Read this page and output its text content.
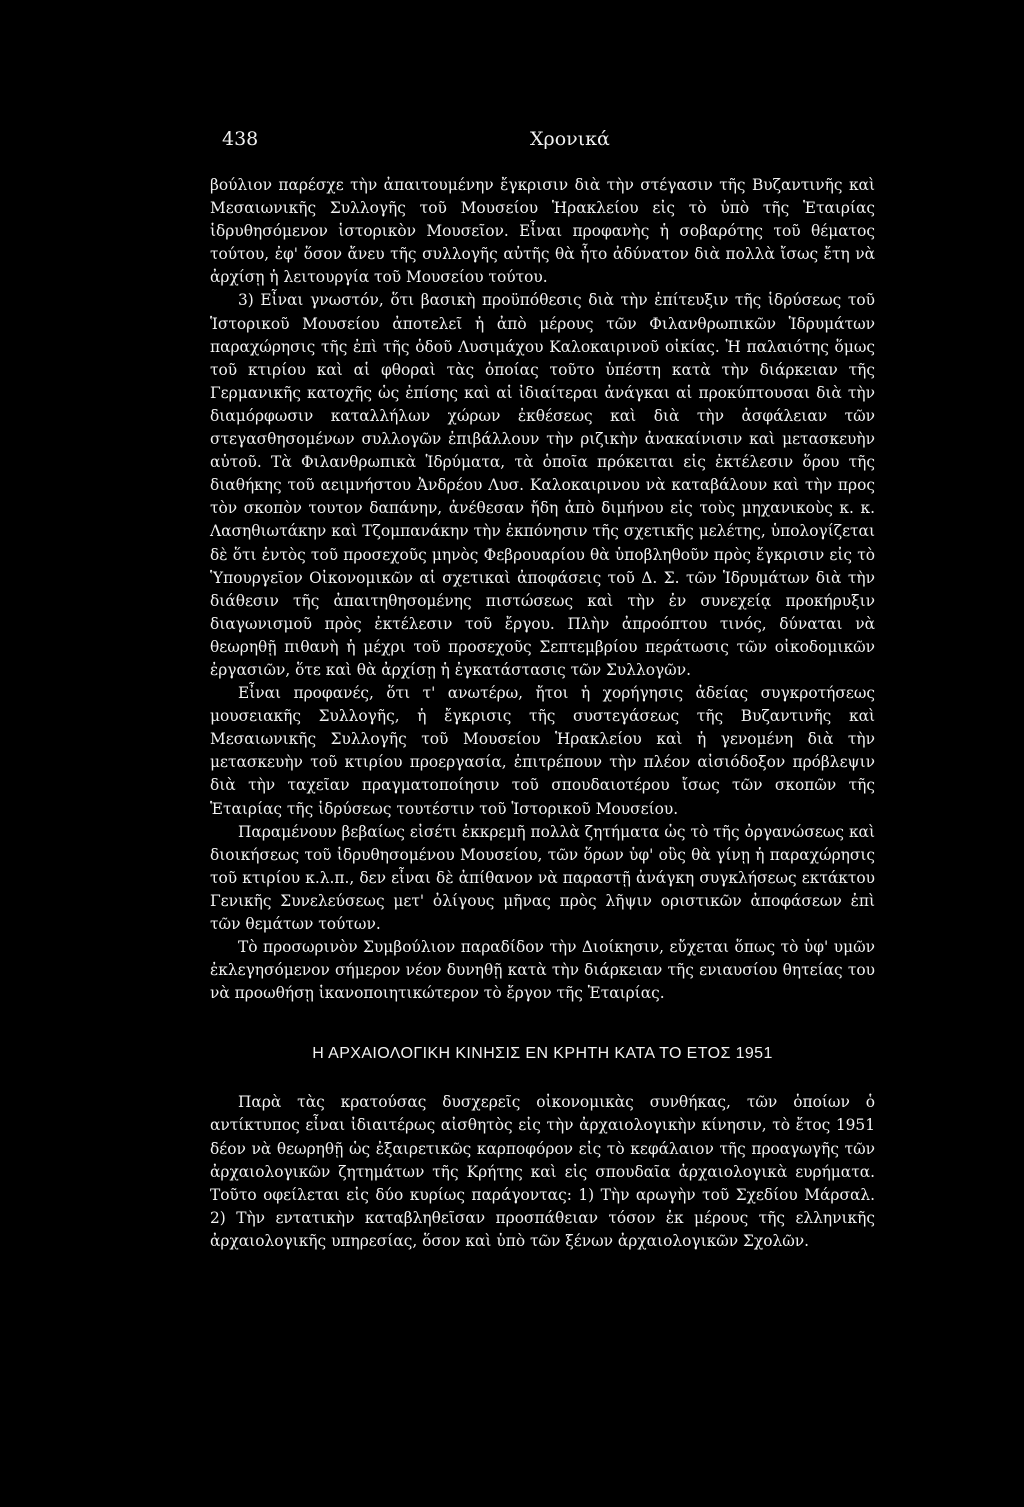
438	Χρονικά

βούλιον παρέσχε τὴν ἀπαιτουμένην ἔγκρισιν διὰ τὴν στέγασιν τῆς Βυζαντινῆς καὶ Μεσαιωνικῆς Συλλογῆς τοῦ Μουσείου Ἡρακλείου εἰς τὸ ὑπὸ τῆς Ἑταιρίας ἱδρυθησόμενον ἱστορικὸν Μουσεῖον. Εἶναι προφανὴς ἡ σοβαρότης τοῦ θέματος τούτου, ἐφ' ὅσον ἄνευ τῆς συλλογῆς αὐτῆς θὰ ἦτο ἀδύνατον διὰ πολλὰ ἴσως ἔτη νὰ ἀρχίσῃ ἡ λειτουργία τοῦ Μουσείου τούτου.

3) Εἶναι γνωστόν, ὅτι βασικὴ προϋπόθεσις διὰ τὴν ἐπίτευξιν τῆς ἱδρύσεως τοῦ Ἱστορικοῦ Μουσείου ἀποτελεῖ ἡ ἀπὸ μέρους τῶν Φιλανθρωπικῶν Ἱδρυμάτων παραχώρησις τῆς ἐπὶ τῆς ὁδοῦ Λυσιμάχου Καλοκαιρινοῦ οἰκίας. Ἡ παλαιότης ὅμως τοῦ κτιρίου καὶ αἱ φθοραὶ τὰς ὁποίας τοῦτο ὑπέστη κατὰ τὴν διάρκειαν τῆς Γερμανικῆς κατοχῆς ὡς ἐπίσης καὶ αἱ ἰδιαίτεραι ἀνάγκαι αἱ προκύπτουσαι διὰ τὴν διαμόρφωσιν καταλλήλων χώρων ἐκθέσεως καὶ διὰ τὴν ἀσφάλειαν τῶν στεγασθησομένων συλλογῶν ἐπιβάλλουν τὴν ριζικὴν ἀνακαίνισιν καὶ μετασκευὴν αὐτοῦ. Τὰ Φιλανθρωπικὰ Ἱδρύματα, τὰ ὁποῖα πρόκειται εἰς ἐκτέλεσιν ὅρου τῆς διαθήκης τοῦ αειμνήστου Ἀνδρέου Λυσ. Καλοκαιρινου νὰ καταβάλουν καὶ τὴν προς τὸν σκοπὸν τουτον δαπάνην, ἀνέθεσαν ἤδη ἀπὸ διμήνου εἰς τοὺς μηχανικοὺς κ. κ. Λασηθιωτάκην καὶ Τζομπανάκην τὴν ἐκπόνησιν τῆς σχετικῆς μελέτης, ὑπολογίζεται δὲ ὅτι ἐντὸς τοῦ προσεχοῦς μηνὸς Φεβρουαρίου θὰ ὑποβληθοῦν πρὸς ἔγκρισιν εἰς τὸ Ὑπουργεῖον Οἰκονομικῶν αἱ σχετικαὶ ἀποφάσεις τοῦ Δ. Σ. τῶν Ἱδρυμάτων διὰ τὴν διάθεσιν τῆς ἀπαιτηθησομένης πιστώσεως καὶ τὴν ἐν συνεχείᾳ προκήρυξιν διαγωνισμοῦ πρὸς ἐκτέλεσιν τοῦ ἔργου. Πλὴν ἀπροόπτου τινός, δύναται νὰ θεωρηθῇ πιθανὴ ἡ μέχρι τοῦ προσεχοῦς Σεπτεμβρίου περάτωσις τῶν οἰκοδομικῶν ἐργασιῶν, ὅτε καὶ θὰ ἀρχίσῃ ἡ ἐγκατάστασις τῶν Συλλογῶν.

Εἶναι προφανές, ὅτι τ' ανωτέρω, ἤτοι ἡ χορήγησις ἀδείας συγκροτήσεως μουσειακῆς Συλλογῆς, ἡ ἔγκρισις τῆς συστεγάσεως τῆς Βυζαντινῆς καὶ Μεσαιωνικῆς Συλλογῆς τοῦ Μουσείου Ἡρακλείου καὶ ἡ γενομένη διὰ τὴν μετασκευὴν τοῦ κτιρίου προεργασία, ἐπιτρέπουν τὴν πλέον αἰσιόδοξον πρόβλεψιν διὰ τὴν ταχεῖαν πραγματοποίησιν τοῦ σπουδαιοτέρου ἴσως τῶν σκοπῶν τῆς Ἑταιρίας τῆς ἱδρύσεως τουτέστιν τοῦ Ἱστορικοῦ Μουσείου.

Παραμένουν βεβαίως εἰσέτι ἐκκρεμῆ πολλὰ ζητήματα ὡς τὸ τῆς ὀργανώσεως καὶ διοικήσεως τοῦ ἱδρυθησομένου Μουσείου, τῶν ὅρων ὑφ' οὓς θὰ γίνῃ ἡ παραχώρησις τοῦ κτιρίου κ.λ.π., δεν εἶναι δὲ ἀπίθανον νὰ παραστῇ ἀνάγκη συγκλήσεως εκτάκτου Γενικῆς Συνελεύσεως μετ' ὀλίγους μῆνας πρὸς λῆψιν οριστικῶν ἀποφάσεων ἐπὶ τῶν θεμάτων τούτων.

Τὸ προσωρινὸν Συμβούλιον παραδίδον τὴν Διοίκησιν, εὔχεται ὅπως τὸ ὑφ' υμῶν ἐκλεγησόμενον σήμερον νέον δυνηθῇ κατὰ τὴν διάρκειαν τῆς ενιαυσίου θητείας του νὰ προωθήσῃ ἱκανοποιητικώτερον τὸ ἔργον τῆς Ἑταιρίας.

Η ΑΡΧΑΙΟΛΟΓΙΚΗ ΚΙΝΗΣΙΣ ΕΝ ΚΡΗΤΗ ΚΑΤΑ ΤΟ ΕΤΟΣ 1951

Παρὰ τὰς κρατούσας δυσχερεῖς οἰκονομικὰς συνθήκας, τῶν ὁποίων ὁ αντίκτυπος εἶναι ἰδιαιτέρως αἰσθητὸς εἰς τὴν ἀρχαιολογικὴν κίνησιν, τὸ ἔτος 1951 δέον νὰ θεωρηθῇ ὡς ἐξαιρετικῶς καρποφόρον εἰς τὸ κεφάλαιον τῆς προαγωγῆς τῶν ἀρχαιολογικῶν ζητημάτων τῆς Κρήτης καὶ εἰς σπουδαῖα ἀρχαιολογικὰ ευρήματα. Τοῦτο οφείλεται εἰς δύο κυρίως παράγοντας: 1) Τὴν αρωγὴν τοῦ Σχεδίου Μάρσαλ. 2) Τὴν εντατικὴν καταβληθεῖσαν προσπάθειαν τόσον ἐκ μέρους τῆς ελληνικῆς ἀρχαιολογικῆς υπηρεσίας, ὅσον καὶ ὑπὸ τῶν ξένων ἀρχαιολογικῶν Σχολῶν.
